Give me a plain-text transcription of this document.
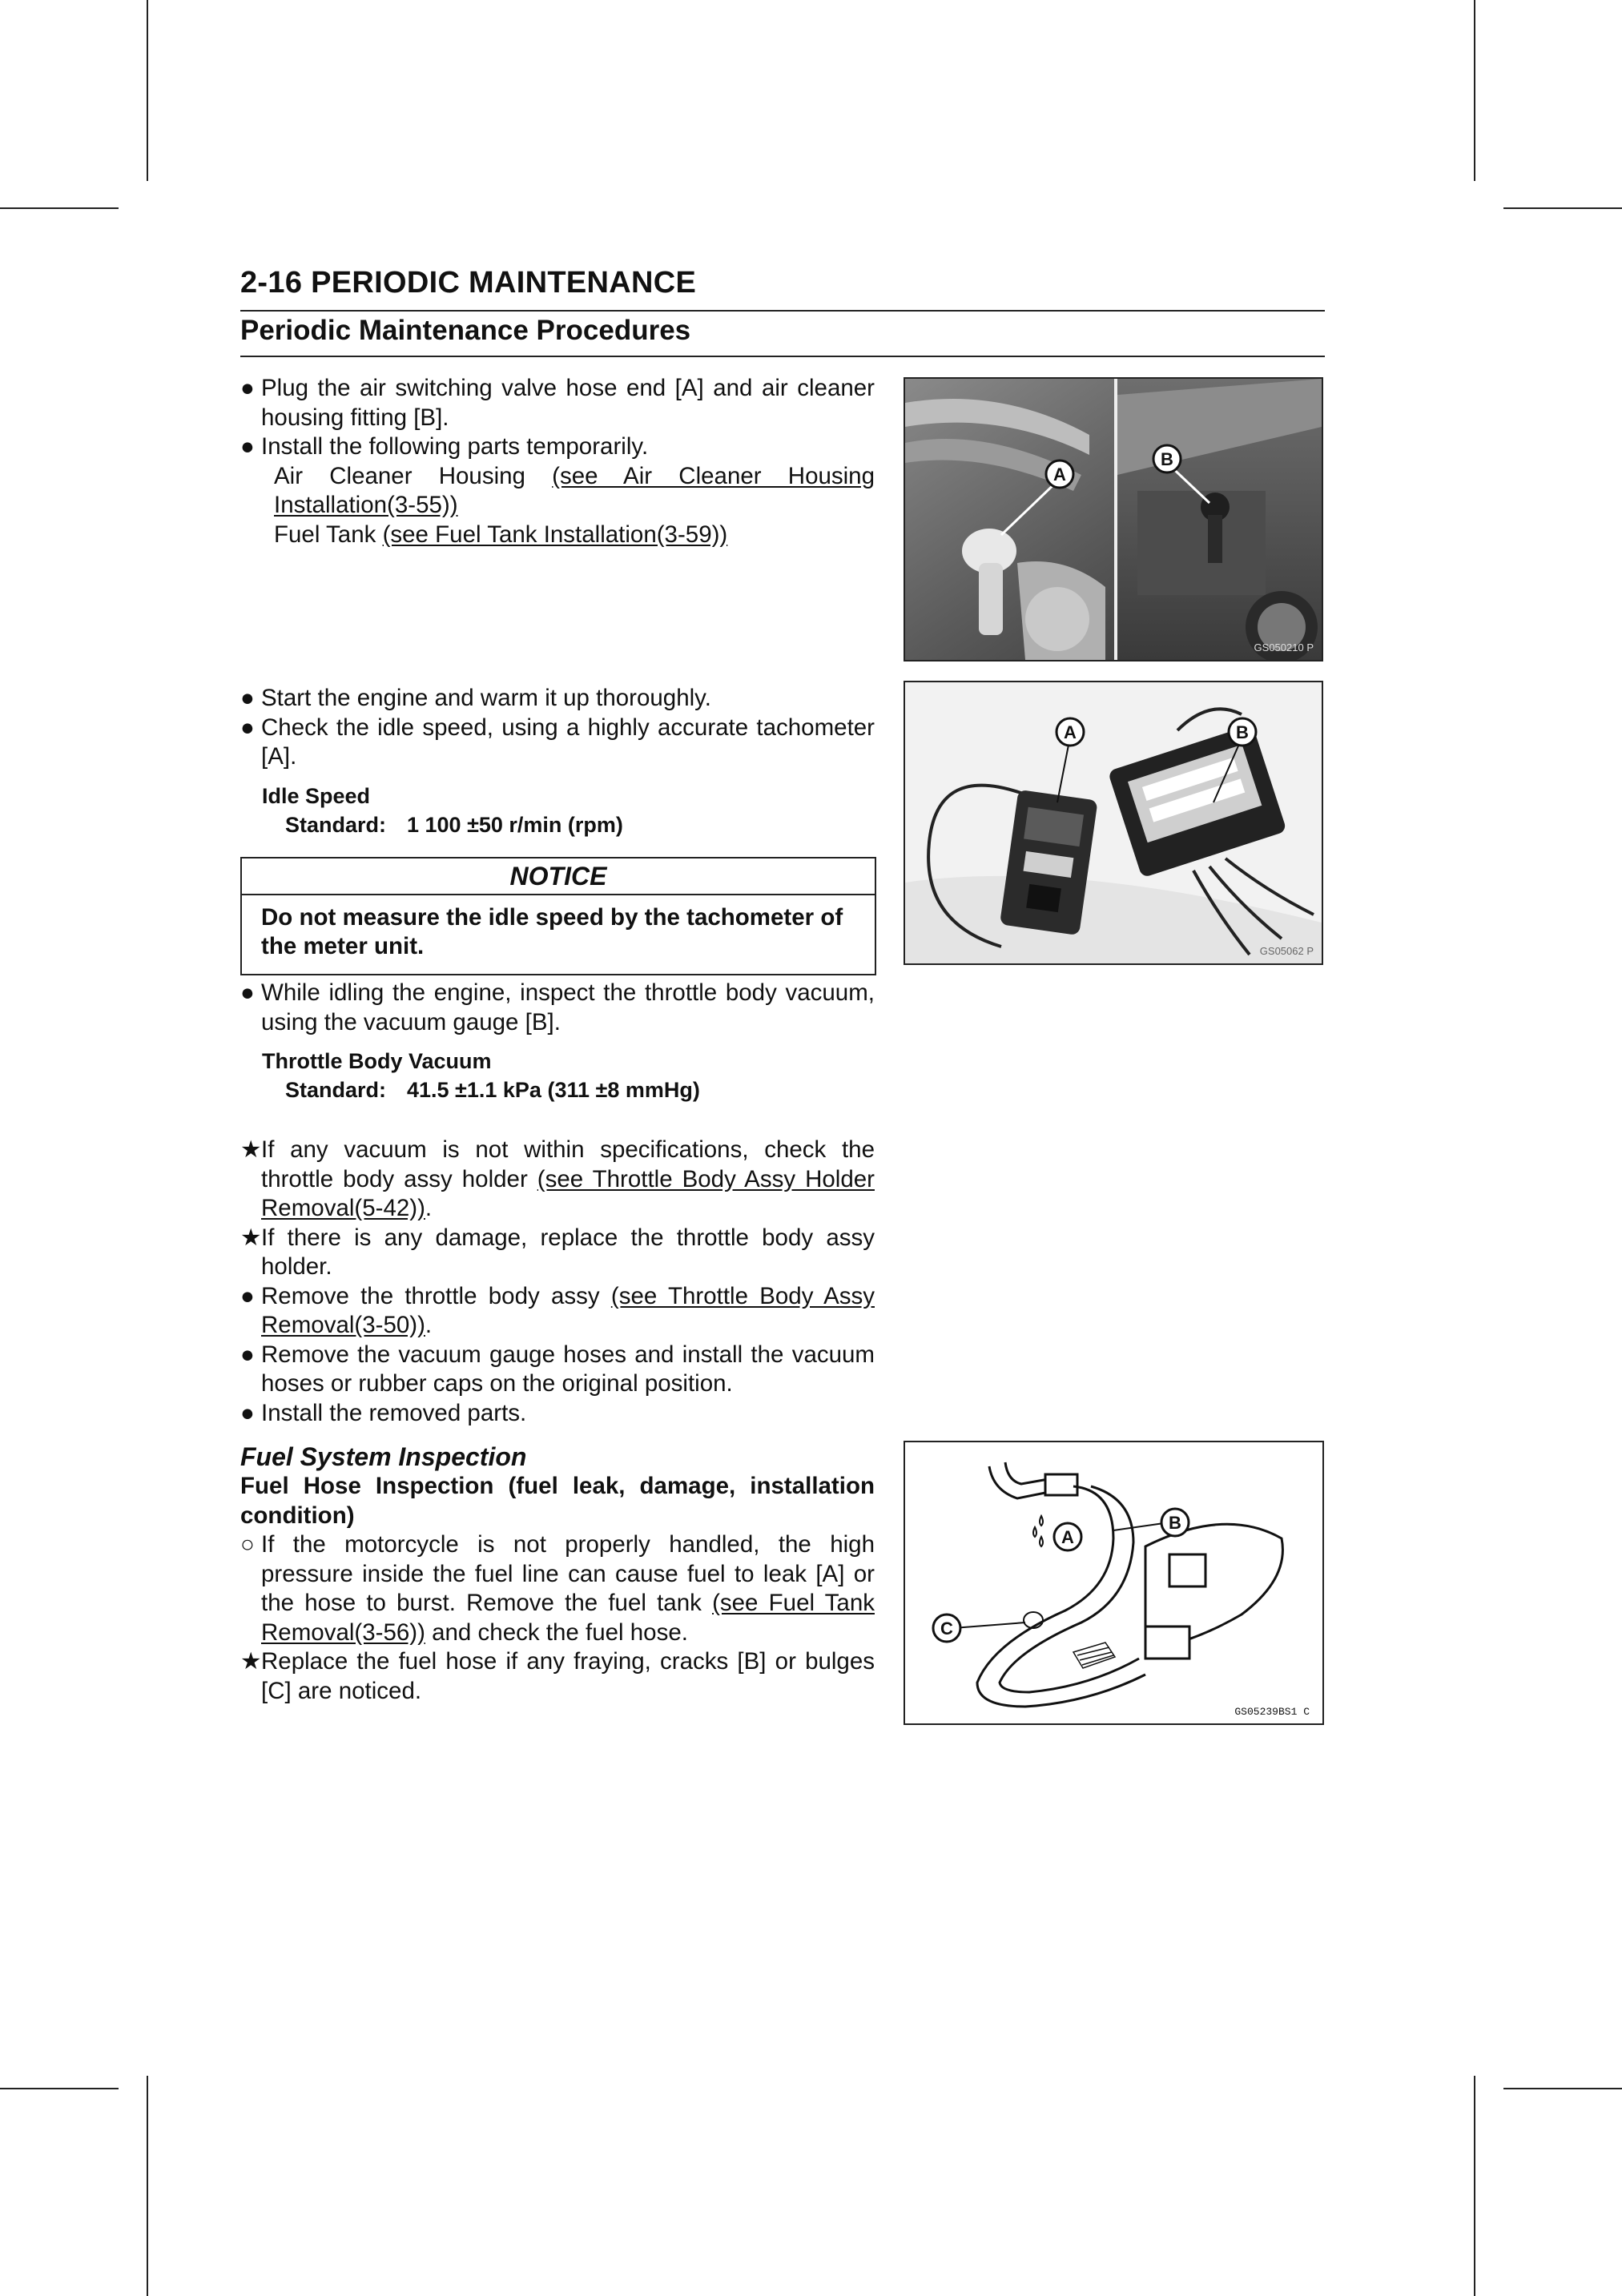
2-16 PERIODIC MAINTENANCE
Periodic Maintenance Procedures
● Plug the air switching valve hose end [A] and air cleaner housing fitting [B].
● Install the following parts temporarily.
Air Cleaner Housing (see Air Cleaner Housing Installation(3-55))
Fuel Tank (see Fuel Tank Installation(3-59))
● Start the engine and warm it up thoroughly.
● Check the idle speed, using a highly accurate tachometer [A].
Idle Speed
Standard: 1 100 ±50 r/min (rpm)
NOTICE
Do not measure the idle speed by the tachometer of the meter unit.
● While idling the engine, inspect the throttle body vacuum, using the vacuum gauge [B].
Throttle Body Vacuum
Standard: 41.5 ±1.1 kPa (311 ±8 mmHg)
★ If any vacuum is not within specifications, check the throttle body assy holder (see Throttle Body Assy Holder Removal(5-42)).
★ If there is any damage, replace the throttle body assy holder.
● Remove the throttle body assy (see Throttle Body Assy Removal(3-50)).
● Remove the vacuum gauge hoses and install the vacuum hoses or rubber caps on the original position.
● Install the removed parts.
Fuel System Inspection
Fuel Hose Inspection (fuel leak, damage, installation condition)
○ If the motorcycle is not properly handled, the high pressure inside the fuel line can cause fuel to leak [A] or the hose to burst. Remove the fuel tank (see Fuel Tank Removal(3-56)) and check the fuel hose.
★ Replace the fuel hose if any fraying, cracks [B] or bulges [C] are noticed.
A
B
GS050210 P
A	B
GS05062 P
A
B
C
GS05239BS1 C
